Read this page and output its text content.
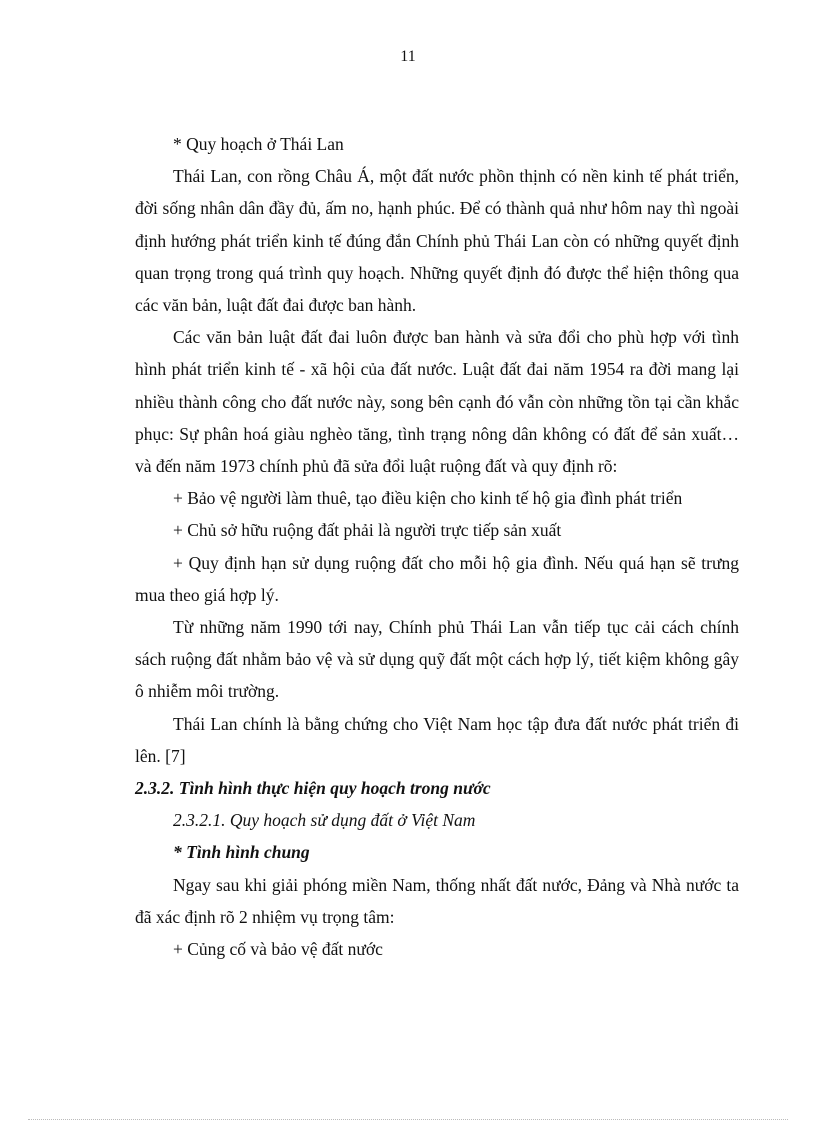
11

* Quy hoạch ở Thái Lan

Thái Lan, con rồng Châu Á, một đất nước phồn thịnh có nền kinh tế phát triển, đời sống nhân dân đầy đủ, ấm no, hạnh phúc. Để có thành quả như hôm nay thì ngoài định hướng phát triển kinh tế đúng đắn Chính phủ Thái Lan còn có những quyết định quan trọng trong quá trình quy hoạch. Những quyết định đó được thể hiện thông qua các văn bản, luật đất đai được ban hành.

Các văn bản luật đất đai luôn được ban hành và sửa đổi cho phù hợp với tình hình phát triển kinh tế - xã hội của đất nước. Luật đất đai năm 1954 ra đời mang lại nhiều thành công cho đất nước này, song bên cạnh đó vẫn còn những tồn tại cần khắc phục: Sự phân hoá giàu nghèo tăng, tình trạng nông dân không có đất để sản xuất… và đến năm 1973 chính phủ đã sửa đổi luật ruộng đất và quy định rõ:

+ Bảo vệ người làm thuê, tạo điều kiện cho kinh tế hộ gia đình phát triển

+ Chủ sở hữu ruộng đất phải là người trực tiếp sản xuất

+ Quy định hạn sử dụng ruộng đất cho mỗi hộ gia đình. Nếu quá hạn sẽ trưng mua theo giá hợp lý.

Từ những năm 1990 tới nay, Chính phủ Thái Lan vẫn tiếp tục cải cách chính sách ruộng đất nhằm bảo vệ và sử dụng quỹ đất một cách hợp lý, tiết kiệm không gây ô nhiễm môi trường.

Thái Lan chính là bằng chứng cho Việt Nam học tập đưa đất nước phát triển đi lên. [7]

2.3.2. Tình hình thực hiện quy hoạch trong nước

2.3.2.1. Quy hoạch sử dụng đất ở Việt Nam

* Tình hình chung

Ngay sau khi giải phóng miền Nam, thống nhất đất nước, Đảng và Nhà nước ta đã xác định rõ 2 nhiệm vụ trọng tâm:

+ Củng cố và bảo vệ đất nước
